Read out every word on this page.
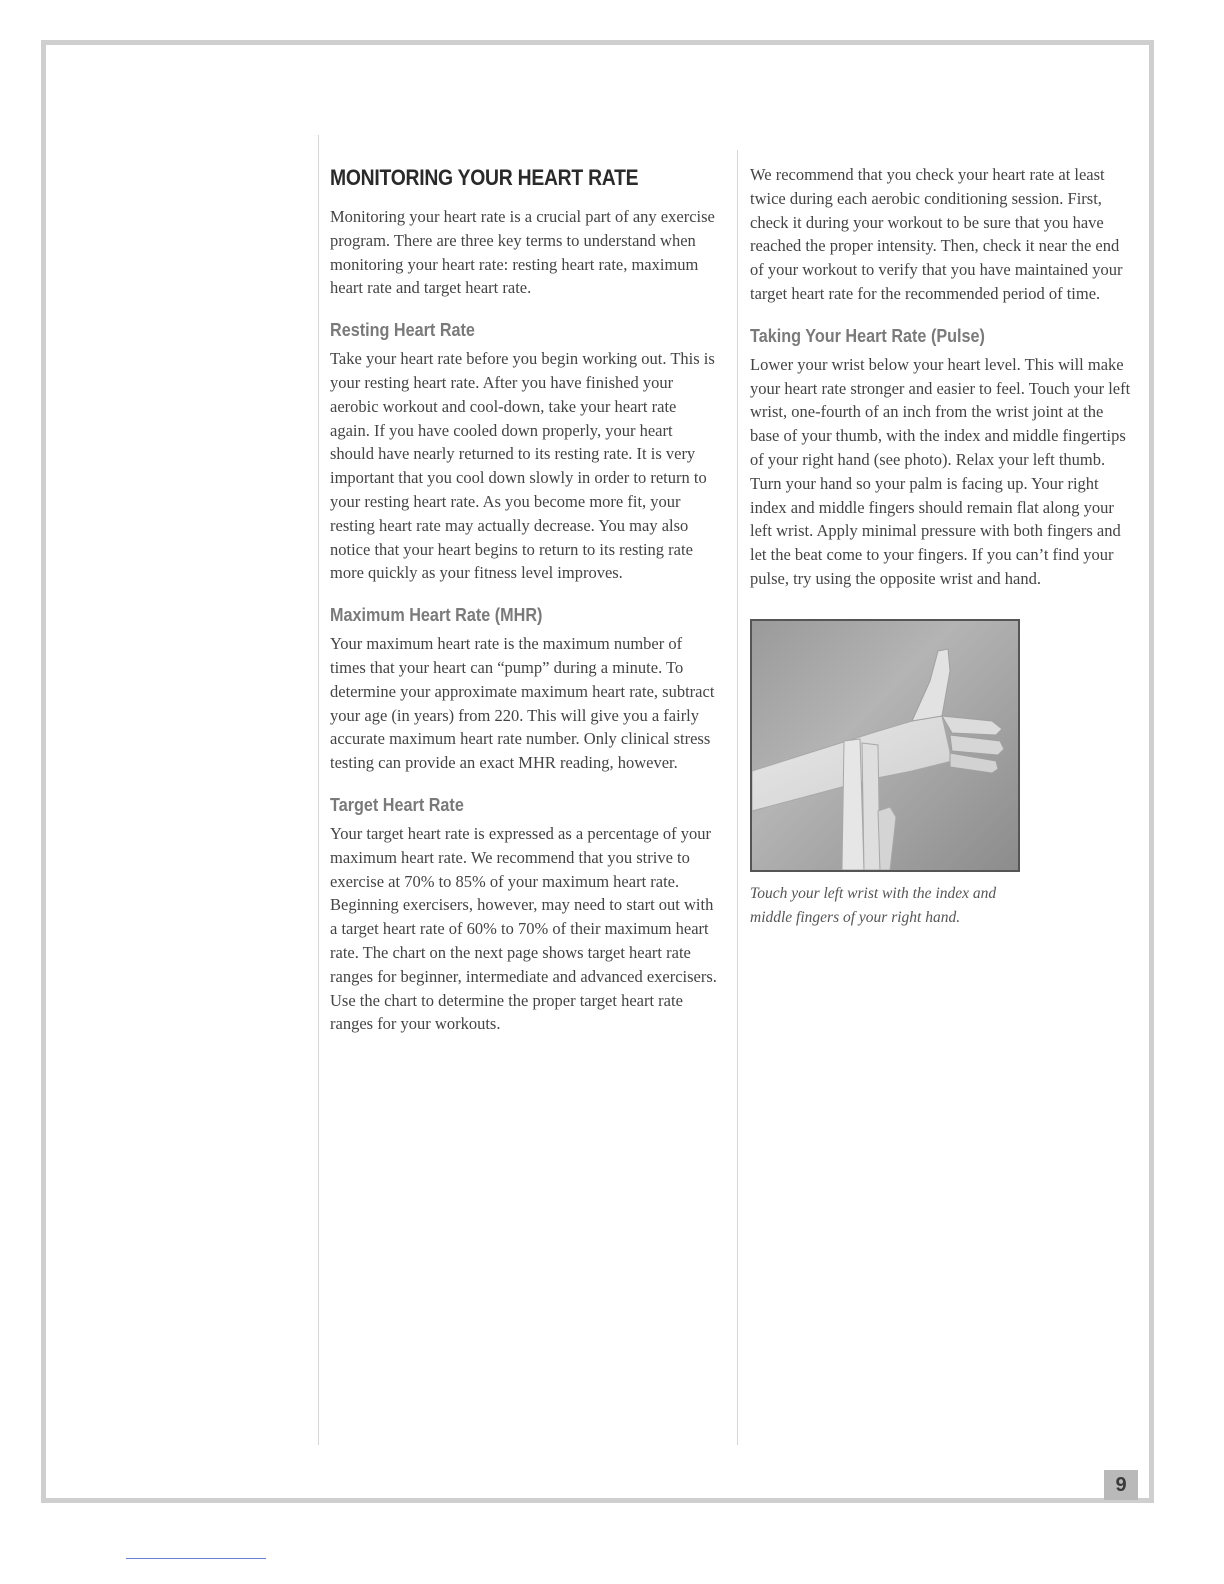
MONITORING YOUR HEART RATE

Monitoring your heart rate is a crucial part of any exercise program. There are three key terms to understand when monitoring your heart rate: resting heart rate, maximum heart rate and target heart rate.

Resting Heart Rate

Take your heart rate before you begin working out. This is your resting heart rate. After you have finished your aerobic workout and cool-down, take your heart rate again. If you have cooled down properly, your heart should have nearly returned to its resting rate. It is very important that you cool down slowly in order to return to your resting heart rate. As you become more fit, your resting heart rate may actually decrease. You may also notice that your heart begins to return to its resting rate more quickly as your fitness level improves.

Maximum Heart Rate (MHR)

Your maximum heart rate is the maximum number of times that your heart can “pump” during a minute. To determine your approximate maximum heart rate, subtract your age (in years) from 220. This will give you a fairly accurate maximum heart rate number. Only clinical stress testing can provide an exact MHR reading, however.

Target Heart Rate

Your target heart rate is expressed as a percentage of your maximum heart rate. We recommend that you strive to exercise at 70% to 85% of your maximum heart rate. Beginning exercisers, however, may need to start out with a target heart rate of 60% to 70% of their maximum heart rate. The chart on the next page shows target heart rate ranges for beginner, intermediate and advanced exercisers. Use the chart to determine the proper target heart rate ranges for your workouts.

We recommend that you check your heart rate at least twice during each aerobic conditioning session. First, check it during your workout to be sure that you have reached the proper intensity. Then, check it near the end of your workout to verify that you have maintained your target heart rate for the recommended period of time.

Taking Your Heart Rate (Pulse)

Lower your wrist below your heart level. This will make your heart rate stronger and easier to feel. Touch your left wrist, one-fourth of an inch from the wrist joint at the base of your thumb, with the index and middle fingertips of your right hand (see photo). Relax your left thumb. Turn your hand so your palm is facing up. Your right index and middle fingers should remain flat along your left wrist. Apply minimal pressure with both fingers and let the beat come to your fingers. If you can’t find your pulse, try using the opposite wrist and hand.

Touch your left wrist with the index and middle fingers of your right hand.
9
